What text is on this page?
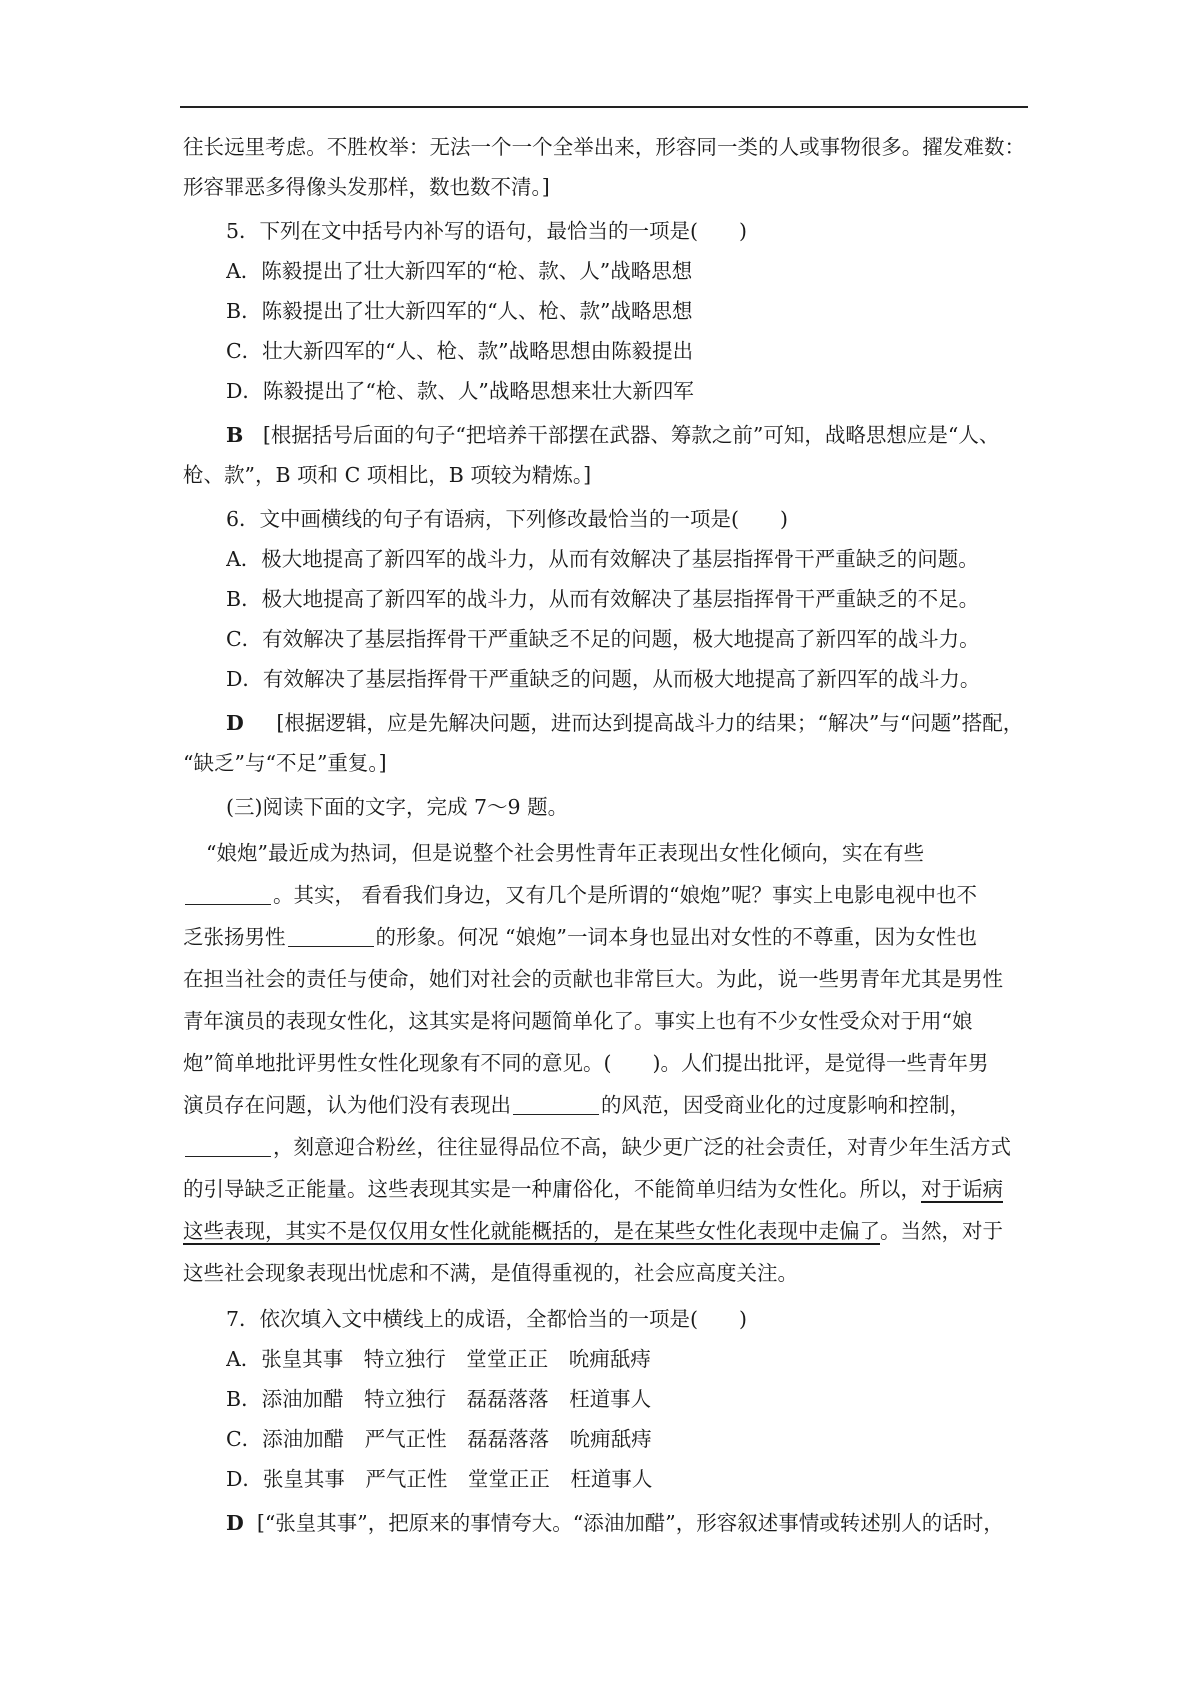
往长远里考虑。不胜枚举：无法一个一个全举出来，形容同一类的人或事物很多。擢发难数：
形容罪恶多得像头发那样，数也数不清。]
5．下列在文中括号内补写的语句，最恰当的一项是(　　)
A．陈毅提出了壮大新四军的“枪、款、人”战略思想
B．陈毅提出了壮大新四军的“人、枪、款”战略思想
C．壮大新四军的“人、枪、款”战略思想由陈毅提出
D．陈毅提出了“枪、款、人”战略思想来壮大新四军
B [根据括号后面的句子“把培养干部摆在武器、筹款之前”可知，战略思想应是“人、
枪、款”，B 项和 C 项相比，B 项较为精炼。]
6．文中画横线的句子有语病，下列修改最恰当的一项是(　　)
A．极大地提高了新四军的战斗力，从而有效解决了基层指挥骨干严重缺乏的问题。
B．极大地提高了新四军的战斗力，从而有效解决了基层指挥骨干严重缺乏的不足。
C．有效解决了基层指挥骨干严重缺乏不足的问题，极大地提高了新四军的战斗力。
D．有效解决了基层指挥骨干严重缺乏的问题，从而极大地提高了新四军的战斗力。
D [根据逻辑，应是先解决问题，进而达到提高战斗力的结果；“解决”与“问题”搭配，
“缺乏”与“不足”重复。]
(三)阅读下面的文字，完成 7～9 题。
“娘炮”最近成为热词，但是说整个社会男性青年正表现出女性化倾向，实在有些
。其实， 看看我们身边，又有几个是所谓的“娘炮”呢？事实上电影电视中也不
乏张扬男性	的形象。何况 “娘炮”一词本身也显出对女性的不尊重，因为女性也
在担当社会的责任与使命，她们对社会的贡献也非常巨大。为此，说一些男青年尤其是男性
青年演员的表现女性化，这其实是将问题简单化了。事实上也有不少女性受众对于用“娘
炮”简单地批评男性女性化现象有不同的意见。(　　)。人们提出批评，是觉得一些青年男
演员存在问题，认为他们没有表现出	的风范，因受商业化的过度影响和控制，
，刻意迎合粉丝，往往显得品位不高，缺少更广泛的社会责任，对青少年生活方式
的引导缺乏正能量。这些表现其实是一种庸俗化，不能简单归结为女性化。所以，对于诟病
这些表现，其实不是仅仅用女性化就能概括的，是在某些女性化表现中走偏了。当然，对于
这些社会现象表现出忧虑和不满，是值得重视的，社会应高度关注。
7．依次填入文中横线上的成语，全都恰当的一项是(　　)
A．张皇其事　特立独行　堂堂正正　吮痈舐痔
B．添油加醋　特立独行　磊磊落落　枉道事人
C．添油加醋　严气正性　磊磊落落　吮痈舐痔
D．张皇其事　严气正性　堂堂正正　枉道事人
D [“张皇其事”，把原来的事情夸大。“添油加醋”，形容叙述事情或转述别人的话时，
